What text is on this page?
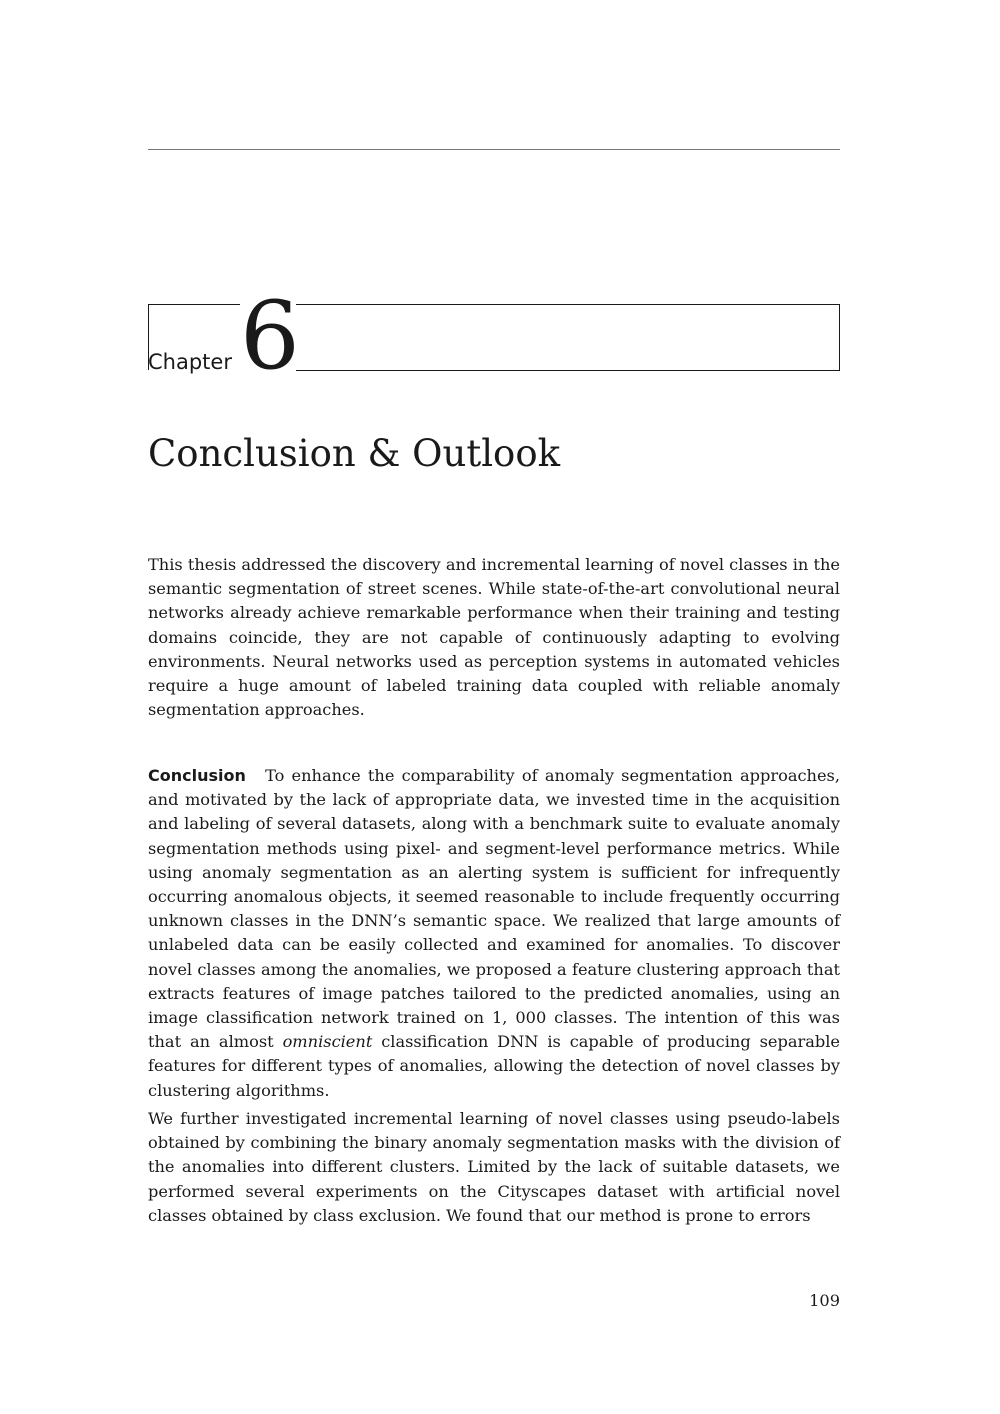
Chapter 6
Conclusion & Outlook

This thesis addressed the discovery and incremental learning of novel classes in the semantic segmentation of street scenes. While state-of-the-art convolutional neural networks already achieve remarkable performance when their training and testing domains coincide, they are not capable of continuously adapting to evolving environments. Neural networks used as perception systems in automated vehicles require a huge amount of labeled training data coupled with reliable anomaly segmentation approaches.

Conclusion To enhance the comparability of anomaly segmentation approaches, and motivated by the lack of appropriate data, we invested time in the acquisition and labeling of several datasets, along with a benchmark suite to evaluate anomaly segmentation methods using pixel- and segment-level performance metrics. While using anomaly segmentation as an alerting system is sufficient for infrequently occurring anomalous objects, it seemed reasonable to include frequently occurring unknown classes in the DNN’s semantic space. We realized that large amounts of unlabeled data can be easily collected and examined for anomalies. To discover novel classes among the anomalies, we proposed a feature clustering approach that extracts features of image patches tailored to the predicted anomalies, using an image classification network trained on 1, 000 classes. The intention of this was that an almost omniscient classification DNN is capable of producing separable features for different types of anomalies, allowing the detection of novel classes by clustering algorithms.

We further investigated incremental learning of novel classes using pseudo-labels obtained by combining the binary anomaly segmentation masks with the division of the anomalies into different clusters. Limited by the lack of suitable datasets, we performed several experiments on the Cityscapes dataset with artificial novel classes obtained by class exclusion. We found that our method is prone to errors

109
